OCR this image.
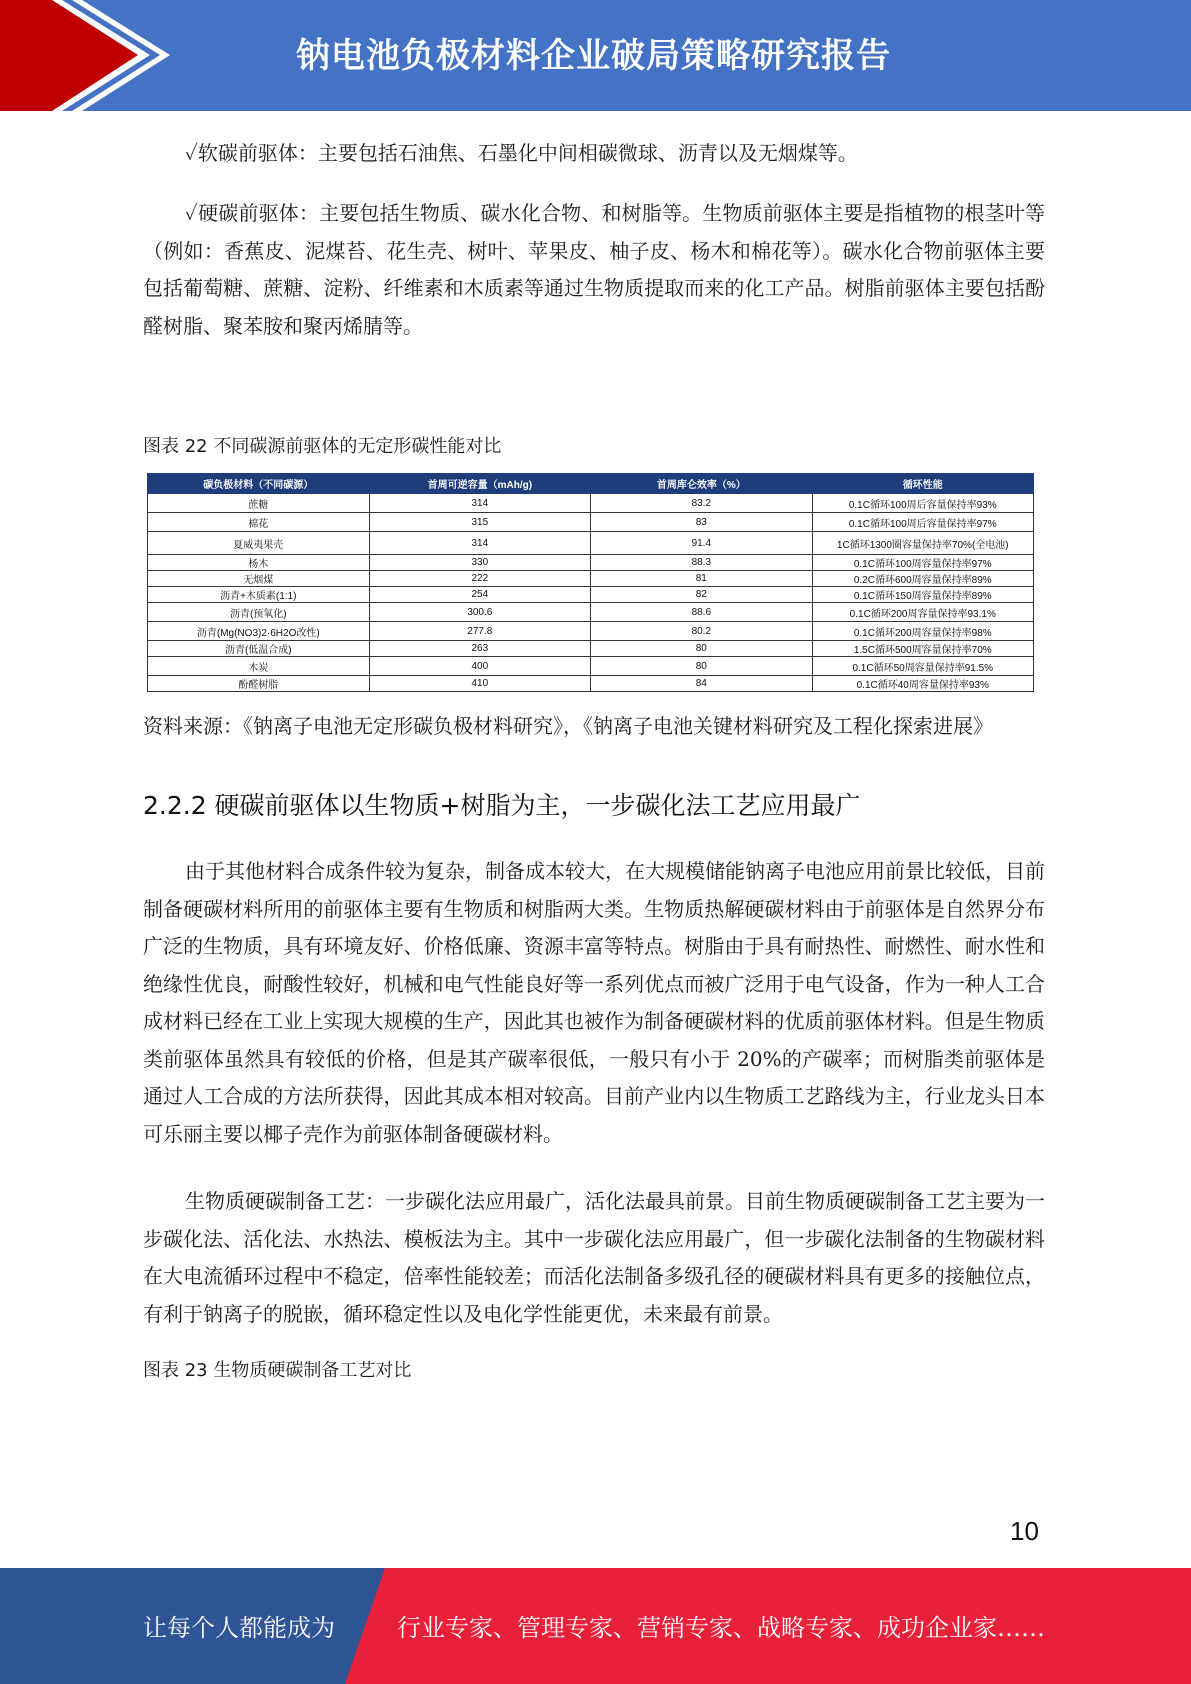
钠电池负极材料企业破局策略研究报告
✓软碳前驱体：主要包括石油焦、石墨化中间相碳微球、沥青以及无烟煤等。
✓硬碳前驱体：主要包括生物质、碳水化合物、和树脂等。生物质前驱体主要是指植物的根茎叶等（例如：香蕉皮、泥煤苔、花生壳、树叶、苹果皮、柚子皮、杨木和棉花等）。碳水化合物前驱体主要包括葡萄糖、蔗糖、淀粉、纤维素和木质素等通过生物质提取而来的化工产品。树脂前驱体主要包括酚醛树脂、聚苯胺和聚丙烯腈等。
图表 22 不同碳源前驱体的无定形碳性能对比
碳负极材料（不同碳源）	首周可逆容量（mAh/g)	首周库仑效率（%）	循环性能
蔗糖	314	83.2	0.1C循环100周后容量保持率93%
棉花	315	83	0.1C循环100周后容量保持率97%
夏威夷果壳	314	91.4	1C循环1300圈容量保持率70%(全电池)
杨木	330	88.3	0.1C循环100周容量保持率97%
无烟煤	222	81	0.2C循环600周容量保持率89%
沥青+木质素(1:1)	254	82	0.1C循环150周容量保持率89%
沥青(预氧化)	300.6	88.6	0.1C循环200周容量保持率93.1%
沥青(Mg(NO3)2·6H2O改性)	277.8	80.2	0.1C循环200周容量保持率98%
沥青(低温合成)	263	80	1.5C循环500周容量保持率70%
木炭	400	80	0.1C循环50周容量保持率91.5%
酚醛树脂	410	84	0.1C循环40周容量保持率93%
资料来源：《钠离子电池无定形碳负极材料研究》，《钠离子电池关键材料研究及工程化探索进展》
2.2.2 硬碳前驱体以生物质+树脂为主，一步碳化法工艺应用最广
由于其他材料合成条件较为复杂，制备成本较大，在大规模储能钠离子电池应用前景比较低，目前制备硬碳材料所用的前驱体主要有生物质和树脂两大类。生物质热解硬碳材料由于前驱体是自然界分布广泛的生物质，具有环境友好、价格低廉、资源丰富等特点。树脂由于具有耐热性、耐燃性、耐水性和绝缘性优良，耐酸性较好，机械和电气性能良好等一系列优点而被广泛用于电气设备，作为一种人工合成材料已经在工业上实现大规模的生产，因此其也被作为制备硬碳材料的优质前驱体材料。但是生物质类前驱体虽然具有较低的价格，但是其产碳率很低，一般只有小于 20%的产碳率；而树脂类前驱体是通过人工合成的方法所获得，因此其成本相对较高。目前产业内以生物质工艺路线为主，行业龙头日本可乐丽主要以椰子壳作为前驱体制备硬碳材料。
生物质硬碳制备工艺：一步碳化法应用最广，活化法最具前景。目前生物质硬碳制备工艺主要为一步碳化法、活化法、水热法、模板法为主。其中一步碳化法应用最广，但一步碳化法制备的生物碳材料在大电流循环过程中不稳定，倍率性能较差；而活化法制备多级孔径的硬碳材料具有更多的接触位点，有利于钠离子的脱嵌，循环稳定性以及电化学性能更优，未来最有前景。
图表 23 生物质硬碳制备工艺对比
10
让每个人都能成为	行业专家、管理专家、营销专家、战略专家、成功企业家……
